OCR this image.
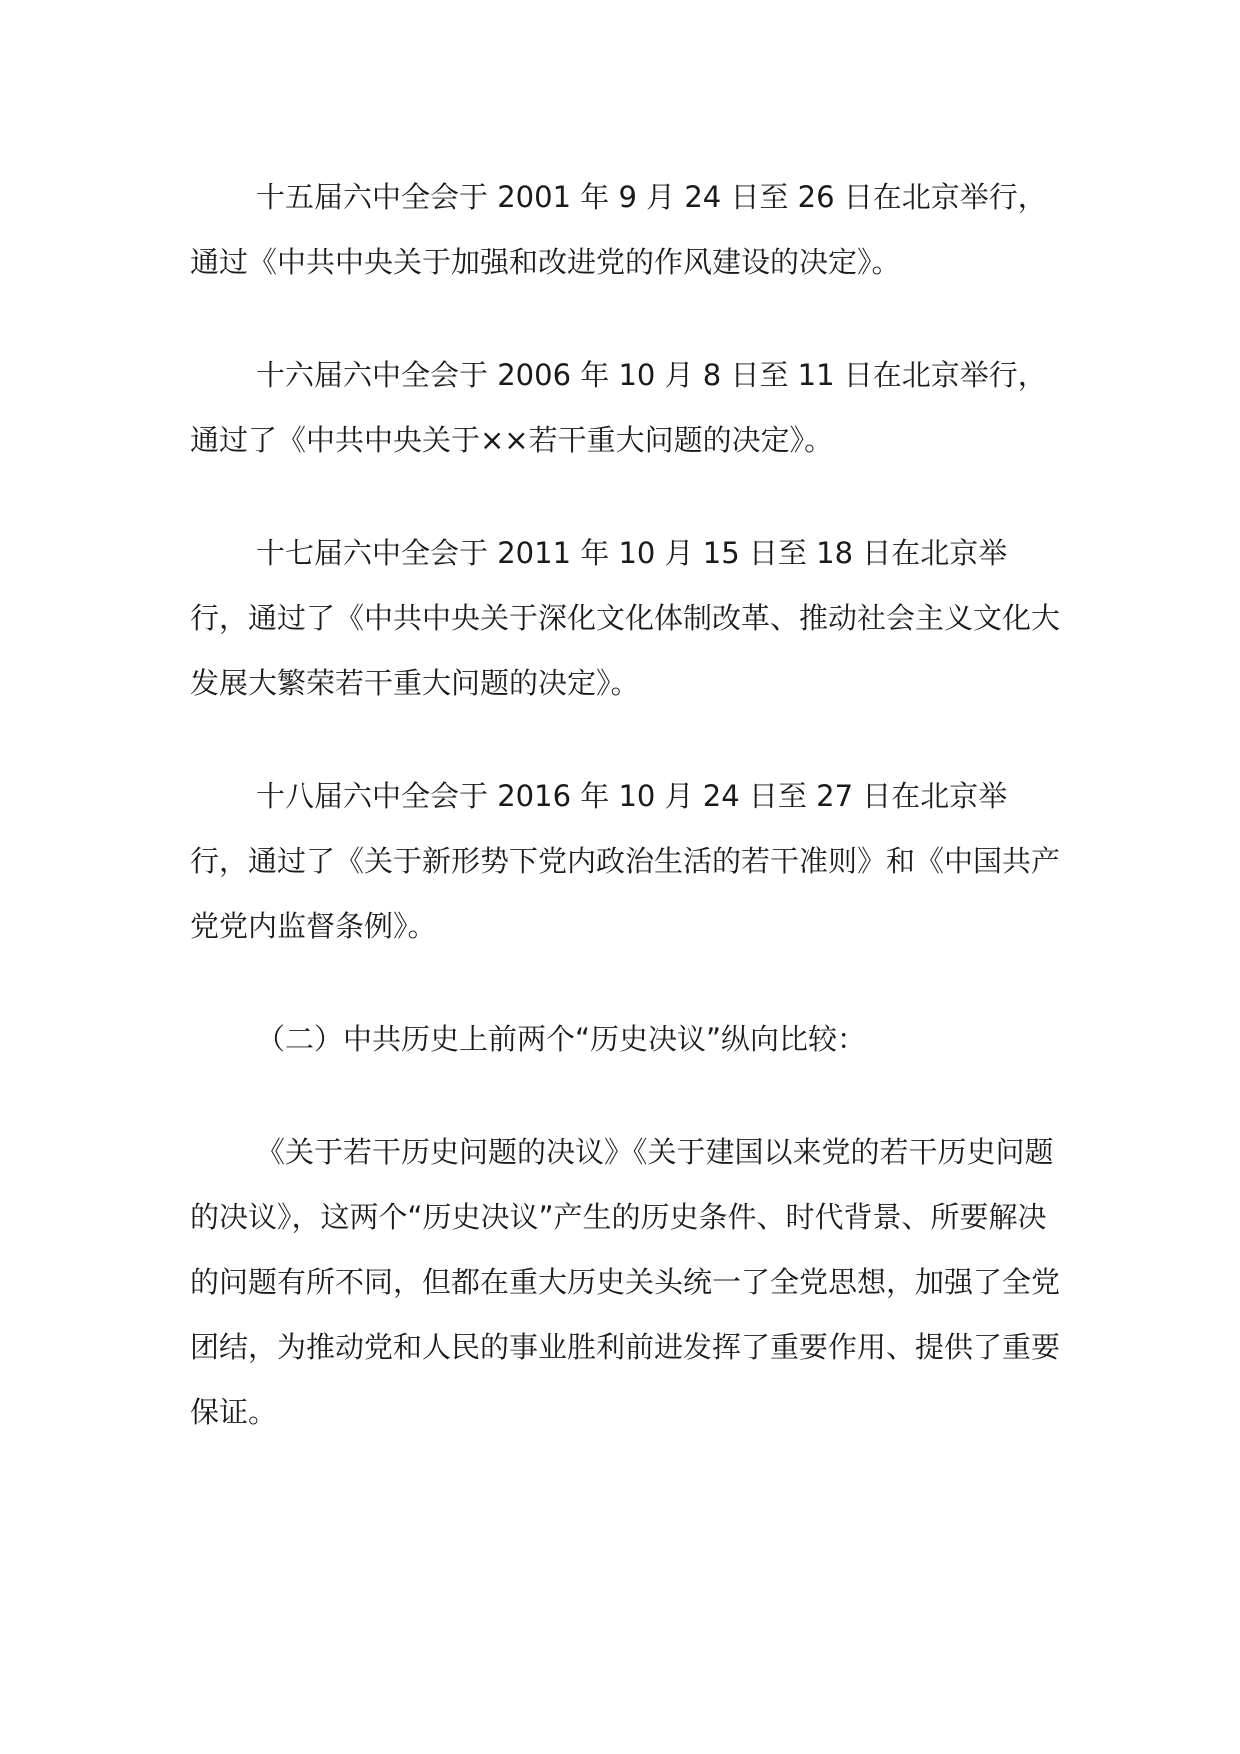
十五届六中全会于 2001 年 9 月 24 日至 26 日在北京举行，通过《中共中央关于加强和改进党的作风建设的决定》。

十六届六中全会于 2006 年 10 月 8 日至 11 日在北京举行，通过了《中共中央关于××若干重大问题的决定》。

十七届六中全会于 2011 年 10 月 15 日至 18 日在北京举行，通过了《中共中央关于深化文化体制改革、推动社会主义文化大发展大繁荣若干重大问题的决定》。

十八届六中全会于 2016 年 10 月 24 日至 27 日在北京举行，通过了《关于新形势下党内政治生活的若干准则》和《中国共产党党内监督条例》。

（二）中共历史上前两个“历史决议”纵向比较：

《关于若干历史问题的决议》《关于建国以来党的若干历史问题的决议》，这两个“历史决议”产生的历史条件、时代背景、所要解决的问题有所不同，但都在重大历史关头统一了全党思想，加强了全党团结，为推动党和人民的事业胜利前进发挥了重要作用、提供了重要保证。
